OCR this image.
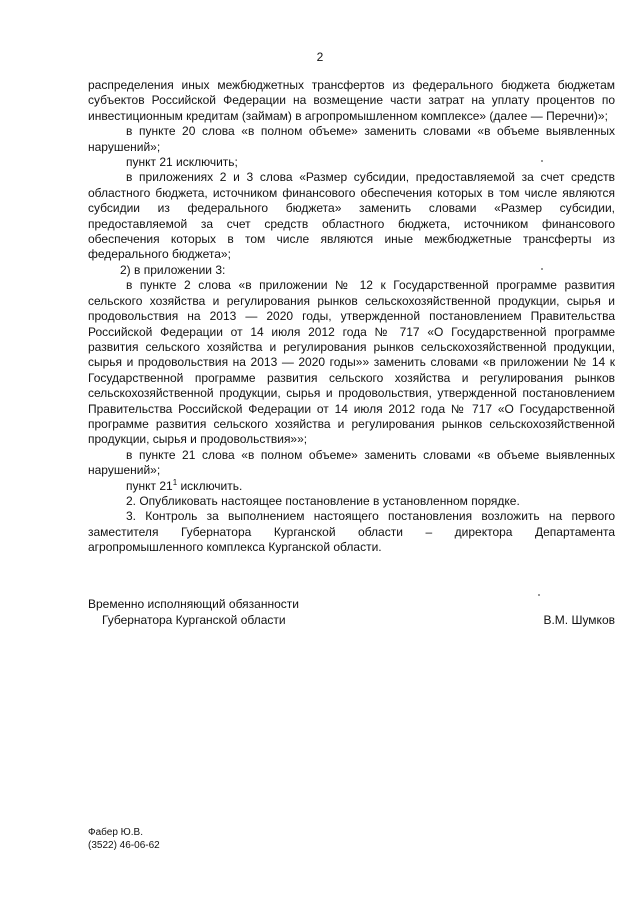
2

распределения иных межбюджетных трансфертов из федерального бюджета бюджетам субъектов Российской Федерации на возмещение части затрат на уплату процентов по инвестиционным кредитам (займам) в агропромышленном комплексе» (далее — Перечни)»;

в пункте 20 слова «в полном объеме» заменить словами «в объеме выявленных нарушений»;

пункт 21 исключить;

в приложениях 2 и 3 слова «Размер субсидии, предоставляемой за счет средств областного бюджета, источником финансового обеспечения которых в том числе являются субсидии из федерального бюджета» заменить словами «Размер субсидии, предоставляемой за счет средств областного бюджета, источником финансового обеспечения которых в том числе являются иные межбюджетные трансферты из федерального бюджета»;

2) в приложении 3:

в пункте 2 слова «в приложении № 12 к Государственной программе развития сельского хозяйства и регулирования рынков сельскохозяйственной продукции, сырья и продовольствия на 2013 — 2020 годы, утвержденной постановлением Правительства Российской Федерации от 14 июля 2012 года № 717 «О Государственной программе развития сельского хозяйства и регулирования рынков сельскохозяйственной продукции, сырья и продовольствия на 2013 — 2020 годы»» заменить словами «в приложении № 14 к Государственной программе развития сельского хозяйства и регулирования рынков сельскохозяйственной продукции, сырья и продовольствия, утвержденной постановлением Правительства Российской Федерации от 14 июля 2012 года № 717 «О Государственной программе развития сельского хозяйства и регулирования рынков сельскохозяйственной продукции, сырья и продовольствия»»;

в пункте 21 слова «в полном объеме» заменить словами «в объеме выявленных нарушений»;

пункт $21^1$ исключить.

2. Опубликовать настоящее постановление в установленном порядке.

3. Контроль за выполнением настоящего постановления возложить на первого заместителя Губернатора Курганской области – директора Департамента агропромышленного комплекса Курганской области.

Временно исполняющий обязанности
Губернатора Курганской области	В.М. Шумков
Фабер Ю.В.
(3522) 46-06-62
